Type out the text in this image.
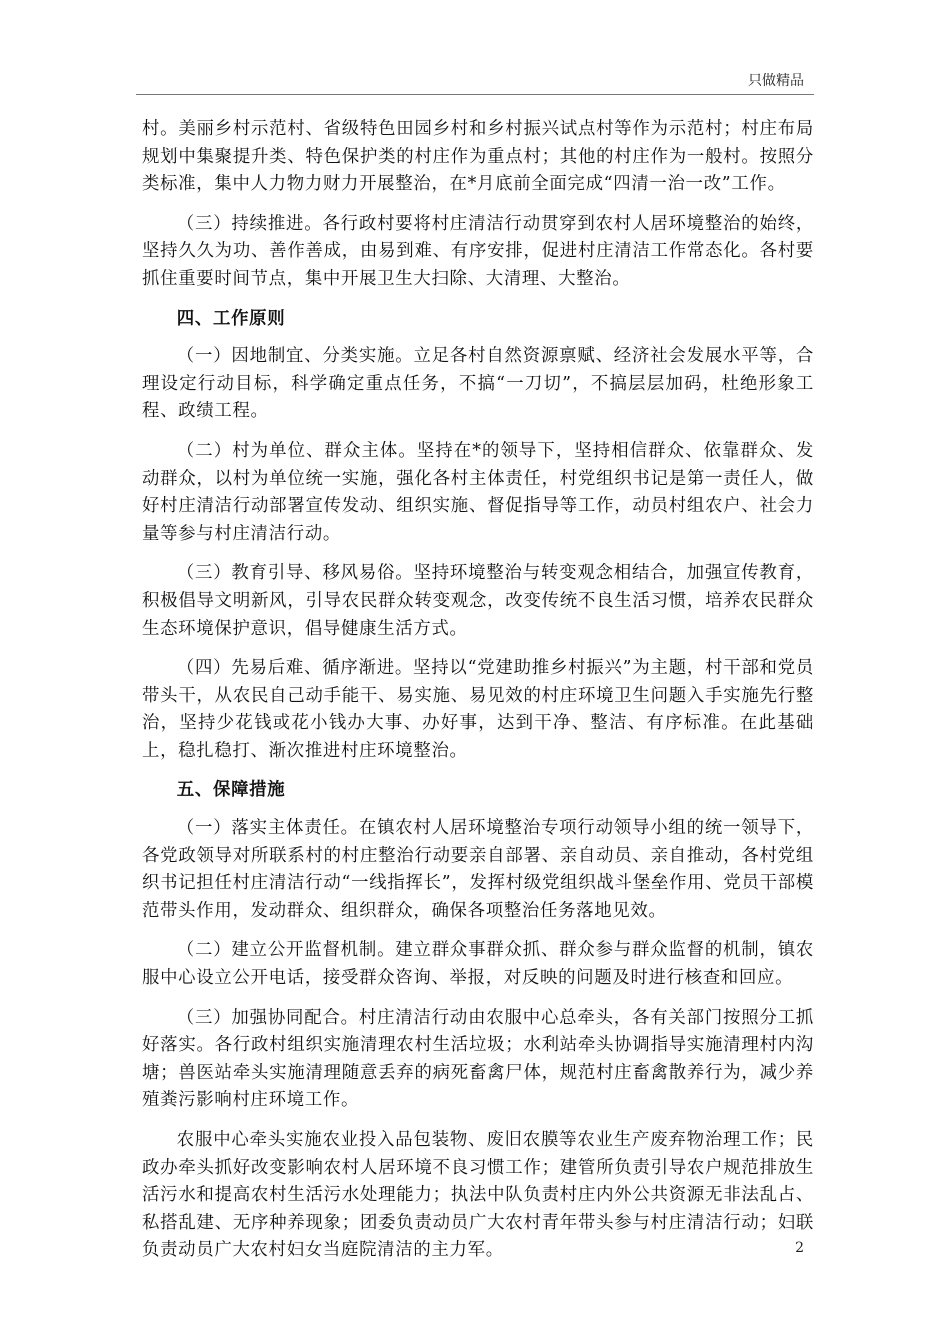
只做精品

村。美丽乡村示范村、省级特色田园乡村和乡村振兴试点村等作为示范村；村庄布局规划中集聚提升类、特色保护类的村庄作为重点村；其他的村庄作为一般村。按照分类标准，集中人力物力财力开展整治，在*月底前全面完成“四清一治一改”工作。

（三）持续推进。各行政村要将村庄清洁行动贯穿到农村人居环境整治的始终，坚持久久为功、善作善成，由易到难、有序安排，促进村庄清洁工作常态化。各村要抓住重要时间节点，集中开展卫生大扫除、大清理、大整治。

四、工作原则

（一）因地制宜、分类实施。立足各村自然资源禀赋、经济社会发展水平等，合理设定行动目标，科学确定重点任务，不搞“一刀切”，不搞层层加码，杜绝形象工程、政绩工程。

（二）村为单位、群众主体。坚持在*的领导下，坚持相信群众、依靠群众、发动群众，以村为单位统一实施，强化各村主体责任，村党组织书记是第一责任人，做好村庄清洁行动部署宣传发动、组织实施、督促指导等工作，动员村组农户、社会力量等参与村庄清洁行动。

（三）教育引导、移风易俗。坚持环境整治与转变观念相结合，加强宣传教育，积极倡导文明新风，引导农民群众转变观念，改变传统不良生活习惯，培养农民群众生态环境保护意识，倡导健康生活方式。

（四）先易后难、循序渐进。坚持以“党建助推乡村振兴”为主题，村干部和党员带头干，从农民自己动手能干、易实施、易见效的村庄环境卫生问题入手实施先行整治，坚持少花钱或花小钱办大事、办好事，达到干净、整洁、有序标准。在此基础上，稳扎稳打、渐次推进村庄环境整治。

五、保障措施

（一）落实主体责任。在镇农村人居环境整治专项行动领导小组的统一领导下，各党政领导对所联系村的村庄整治行动要亲自部署、亲自动员、亲自推动，各村党组织书记担任村庄清洁行动“一线指挥长”，发挥村级党组织战斗堡垒作用、党员干部模范带头作用，发动群众、组织群众，确保各项整治任务落地见效。

（二）建立公开监督机制。建立群众事群众抓、群众参与群众监督的机制，镇农服中心设立公开电话，接受群众咨询、举报，对反映的问题及时进行核查和回应。

（三）加强协同配合。村庄清洁行动由农服中心总牵头，各有关部门按照分工抓好落实。各行政村组织实施清理农村生活垃圾；水利站牵头协调指导实施清理村内沟塘；兽医站牵头实施清理随意丢弃的病死畜禽尸体，规范村庄畜禽散养行为，减少养殖粪污影响村庄环境工作。

农服中心牵头实施农业投入品包装物、废旧农膜等农业生产废弃物治理工作；民政办牵头抓好改变影响农村人居环境不良习惯工作；建管所负责引导农户规范排放生活污水和提高农村生活污水处理能力；执法中队负责村庄内外公共资源无非法乱占、私搭乱建、无序种养现象；团委负责动员广大农村青年带头参与村庄清洁行动；妇联负责动员广大农村妇女当庭院清洁的主力军。	2
